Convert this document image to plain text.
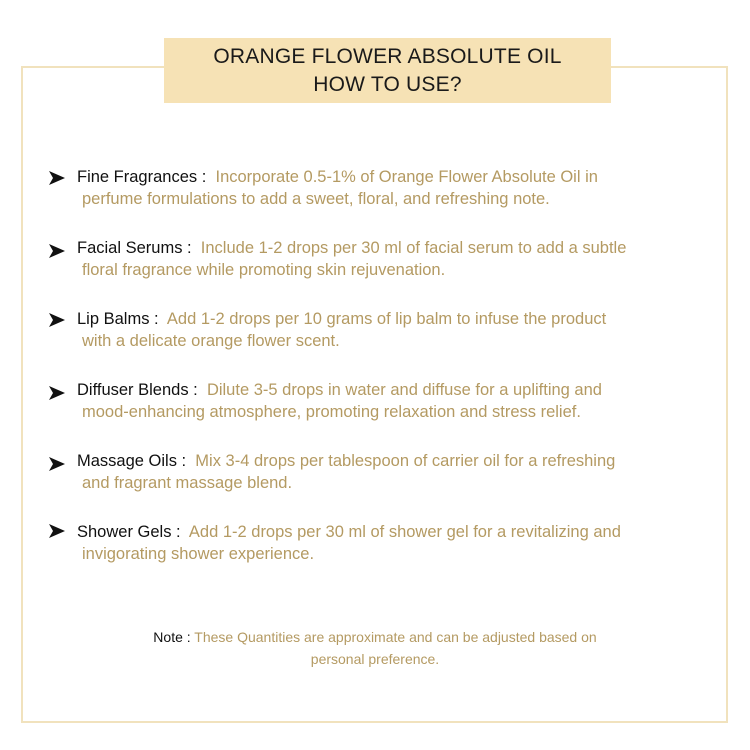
ORANGE FLOWER ABSOLUTE OIL
HOW TO USE?
Fine Fragrances : Incorporate 0.5-1% of Orange Flower Absolute Oil in
perfume formulations to add a sweet, floral, and refreshing note.
Facial Serums : Include 1-2 drops per 30 ml of facial serum to add a subtle
floral fragrance while promoting skin rejuvenation.
Lip Balms : Add 1-2 drops per 10 grams of lip balm to infuse the product
with a delicate orange flower scent.
Diffuser Blends : Dilute 3-5 drops in water and diffuse for a uplifting and
mood-enhancing atmosphere, promoting relaxation and stress relief.
Massage Oils : Mix 3-4 drops per tablespoon of carrier oil for a refreshing
and fragrant massage blend.
Shower Gels : Add 1-2 drops per 30 ml of shower gel for a revitalizing and
invigorating shower experience.
Note : These Quantities are approximate and can be adjusted based on
personal preference.
